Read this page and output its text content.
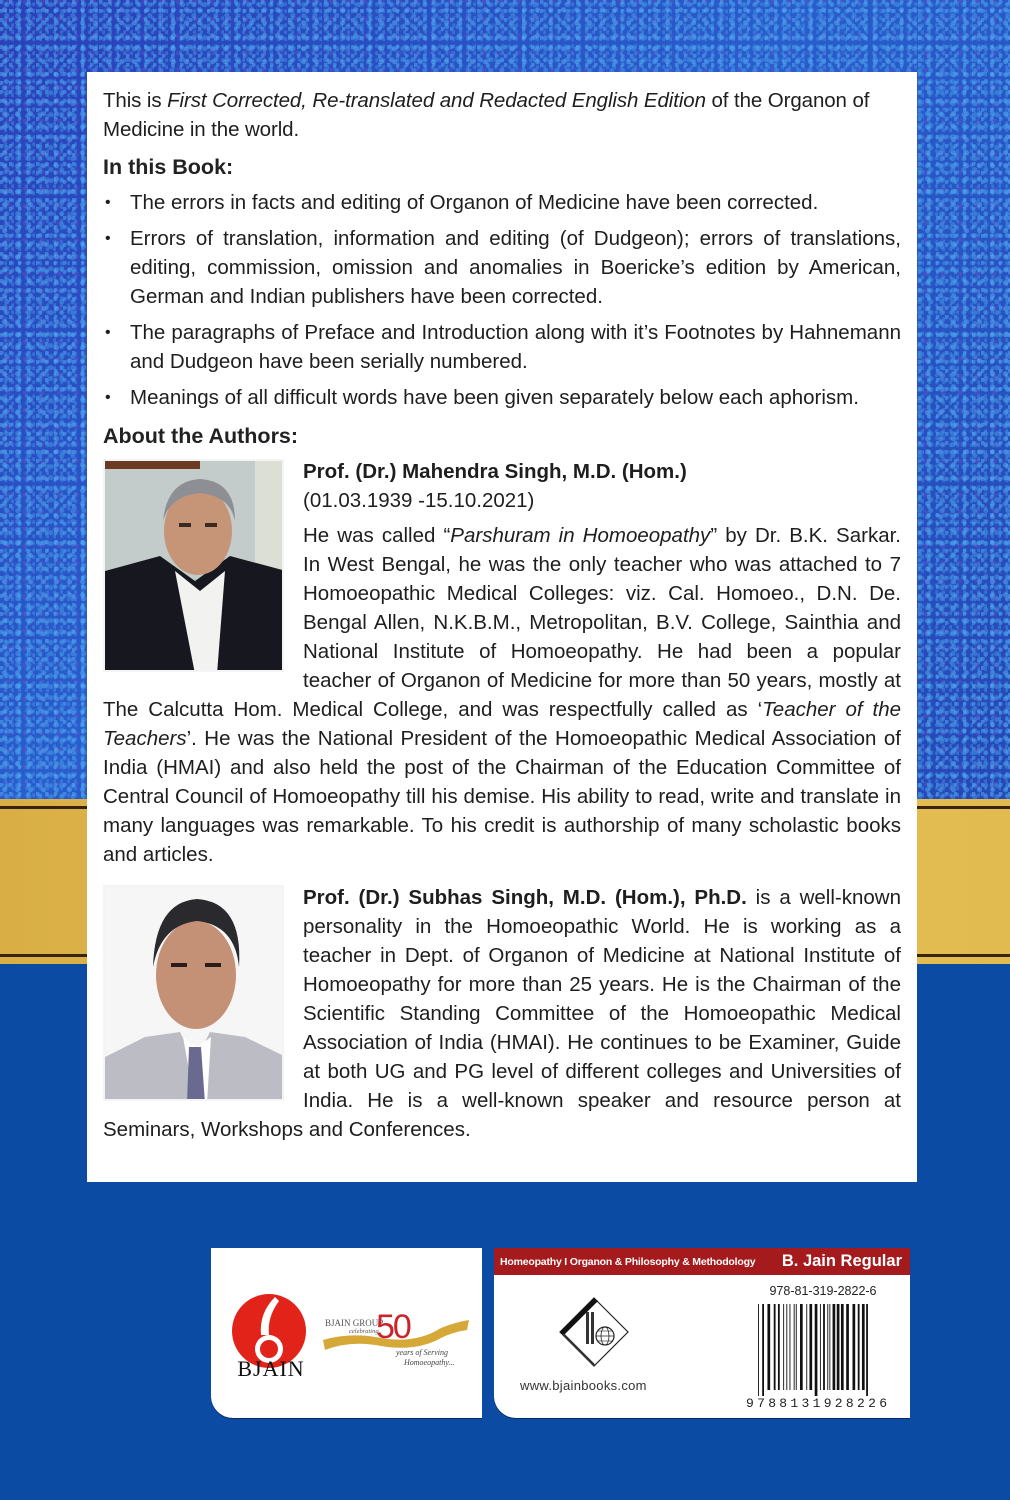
This is First Corrected, Re-translated and Redacted English Edition of the Organon of Medicine in the world.

In this Book:
• The errors in facts and editing of Organon of Medicine have been corrected.
• Errors of translation, information and editing (of Dudgeon); errors of translations, editing, commission, omission and anomalies in Boericke’s edition by American, German and Indian publishers have been corrected.
• The paragraphs of Preface and Introduction along with it’s Footnotes by Hahnemann and Dudgeon have been serially numbered.
• Meanings of all difficult words have been given separately below each aphorism.
About the Authors:

Prof. (Dr.) Mahendra Singh, M.D. (Hom.)
(01.03.1939 -15.10.2021)

He was called “Parshuram in Homoeopathy” by Dr. B.K. Sarkar. In West Bengal, he was the only teacher who was attached to 7 Homoeopathic Medical Colleges: viz. Cal. Homoeo., D.N. De. Bengal Allen, N.K.B.M., Metropolitan, B.V. College, Sainthia and National Institute of Homoeopathy. He had been a popular teacher of Organon of Medicine for more than 50 years, mostly at The Calcutta Hom. Medical College, and was respectfully called as ‘Teacher of the Teachers’. He was the National President of the Homoeopathic Medical Association of India (HMAI) and also held the post of the Chairman of the Education Committee of Central Council of Homoeopathy till his demise. His ability to read, write and translate in many languages was remarkable. To his credit is authorship of many scholastic books and articles.

Prof. (Dr.) Subhas Singh, M.D. (Hom.), Ph.D. is a well-known personality in the Homoeopathic World. He is working as a teacher in Dept. of Organon of Medicine at National Institute of Homoeopathy for more than 25 years. He is the Chairman of the Scientific Standing Committee of the Homoeopathic Medical Association of India (HMAI). He continues to be Examiner, Guide at both UG and PG level of different colleges and Universities of India. He is a well-known speaker and resource person at Seminars, Workshops and Conferences.

BJAIN
BJAIN GROUP
celebrating
50
years of Serving
Homoeopathy...
Homeopathy I Organon & Philosophy & Methodology B. Jain Regular
www.bjainbooks.com
978-81-319-2822-6
9788131928226
